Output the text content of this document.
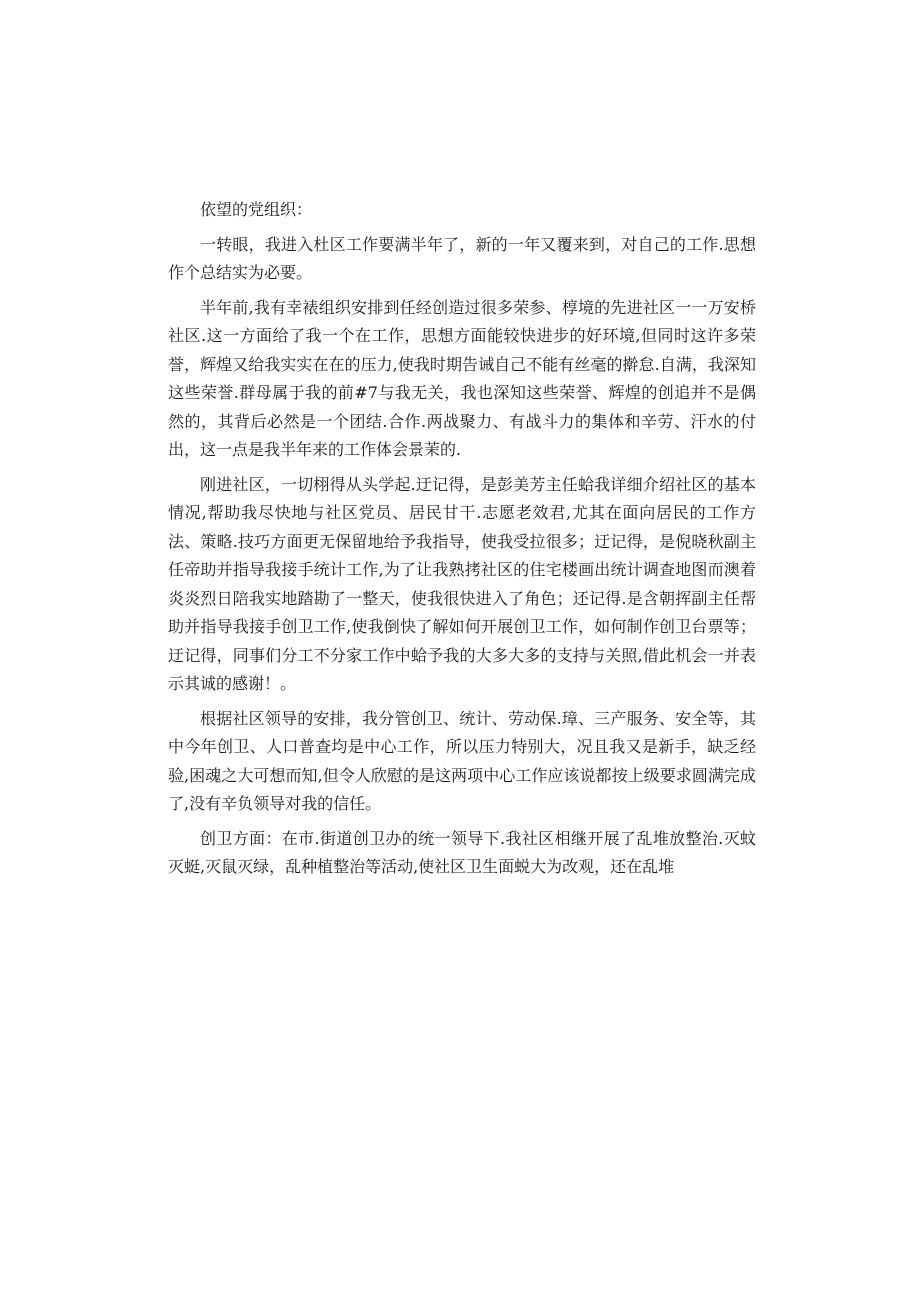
依望的党组织：

一转眼，我进入杜区工作要满半年了，新的一年又覆来到，对自己的工作.思想作个总结实为必要。

半年前,我有幸裱组织安排到任经创造过很多荣参、椁境的先进社区一一万安桥社区.这一方面给了我一个在工作，思想方面能较快进步的好环境,但同时这许多荣誉，辉煌又给我实实在在的压力,使我时期告诫自己不能有丝毫的擀怠.自满，我深知这些荣誉.群母属于我的前#7与我无关，我也深知这些荣誉、辉煌的创追并不是偶然的，其背后必然是一个团结.合作.两战聚力、有战斗力的集体和辛劳、汗水的付出，这一点是我半年来的工作体会景茉的.

刚进社区，一切栩得从头学起.迂记得，是彭美芳主任蛤我详细介绍社区的基本情况,帮助我尽快地与社区党员、居民甘干.志愿老效君,尤其在面向居民的工作方法、策略.技巧方面更无保留地给予我指导，使我受拉很多；迂记得，是倪晓秋副主任帝助并指导我接手统计工作,为了让我熟拷社区的住宅楼画出统计调查地图而澳着炎炎烈日陪我实地踏勘了一整天，使我很快进入了角色；还记得.是含朝挥副主任帮助并指导我接手创卫工作,使我倒快了解如何开展创卫工作，如何制作创卫台票等；迂记得，同事们分工不分家工作中蛤予我的大多大多的支持与关照,借此机会一并表示其诚的感谢！。

根据社区领导的安排，我分管创卫、统计、劳动保.璋、三产服务、安全等，其中今年创卫、人口普查均是中心工作，所以压力特别大，况且我又是新手，缺乏经验,困魂之大可想而知,但令人欣慰的是这两项中心工作应该说都按上级要求圆满完成了,没有辛负领导对我的信任。

创卫方面：在市.街道创卫办的统一领导下.我社区相继开展了乱堆放整治.灭蚊灭蜓,灭鼠灭绿，乱种植整治等活动,使社区卫生面蜕大为改观，还在乱堆
